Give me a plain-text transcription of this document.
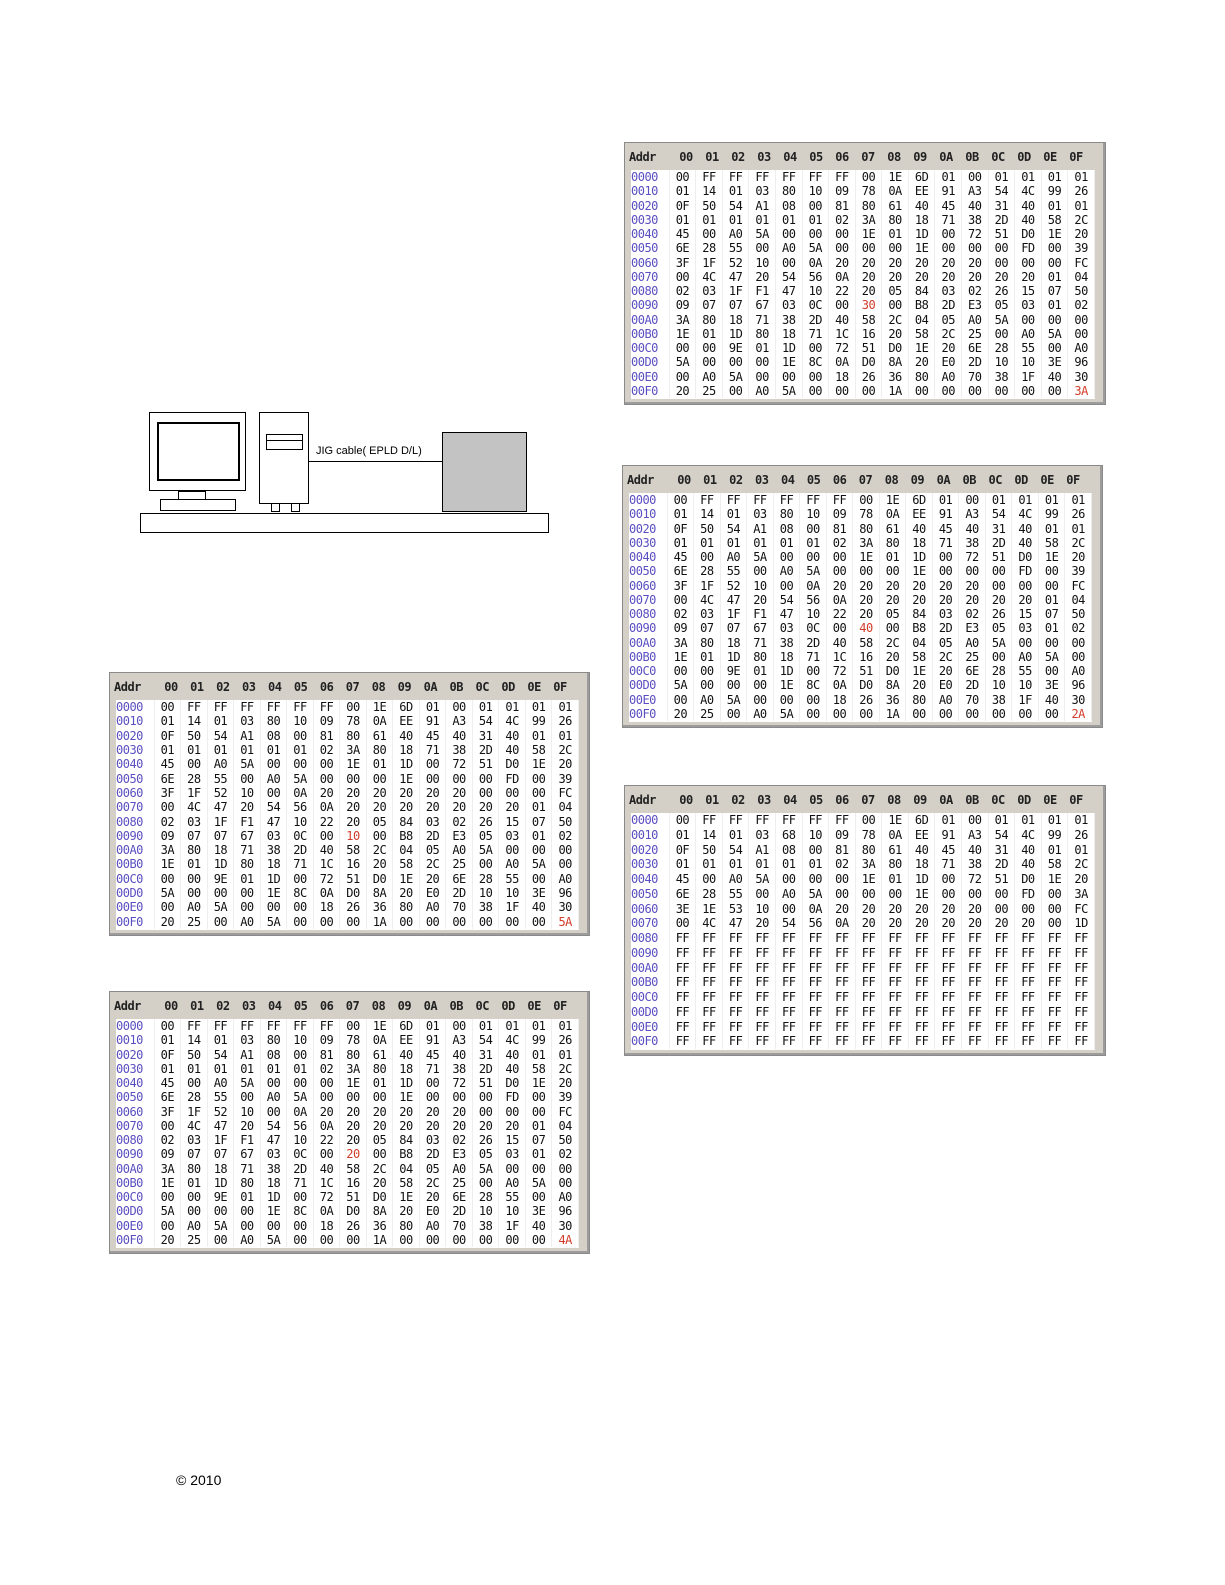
JIG cable( EPLD D/L)
Addr	00	01	02	03	04	05	06	07	08	09	0A	0B	0C	0D	0E	0F
0000	00	FF	FF	FF	FF	FF	FF	00	1E	6D	01	00	01	01	01	01
0010	01	14	01	03	80	10	09	78	0A	EE	91	A3	54	4C	99	26
0020	0F	50	54	A1	08	00	81	80	61	40	45	40	31	40	01	01
0030	01	01	01	01	01	01	02	3A	80	18	71	38	2D	40	58	2C
0040	45	00	A0	5A	00	00	00	1E	01	1D	00	72	51	D0	1E	20
0050	6E	28	55	00	A0	5A	00	00	00	1E	00	00	00	FD	00	39
0060	3F	1F	52	10	00	0A	20	20	20	20	20	20	00	00	00	FC
0070	00	4C	47	20	54	56	0A	20	20	20	20	20	20	20	01	04
0080	02	03	1F	F1	47	10	22	20	05	84	03	02	26	15	07	50
0090	09	07	07	67	03	0C	00	30	00	B8	2D	E3	05	03	01	02
00A0	3A	80	18	71	38	2D	40	58	2C	04	05	A0	5A	00	00	00
00B0	1E	01	1D	80	18	71	1C	16	20	58	2C	25	00	A0	5A	00
00C0	00	00	9E	01	1D	00	72	51	D0	1E	20	6E	28	55	00	A0
00D0	5A	00	00	00	1E	8C	0A	D0	8A	20	E0	2D	10	10	3E	96
00E0	00	A0	5A	00	00	00	18	26	36	80	A0	70	38	1F	40	30
00F0	20	25	00	A0	5A	00	00	00	1A	00	00	00	00	00	00	3A
Addr	00	01	02	03	04	05	06	07	08	09	0A	0B	0C	0D	0E	0F
0000	00	FF	FF	FF	FF	FF	FF	00	1E	6D	01	00	01	01	01	01
0010	01	14	01	03	80	10	09	78	0A	EE	91	A3	54	4C	99	26
0020	0F	50	54	A1	08	00	81	80	61	40	45	40	31	40	01	01
0030	01	01	01	01	01	01	02	3A	80	18	71	38	2D	40	58	2C
0040	45	00	A0	5A	00	00	00	1E	01	1D	00	72	51	D0	1E	20
0050	6E	28	55	00	A0	5A	00	00	00	1E	00	00	00	FD	00	39
0060	3F	1F	52	10	00	0A	20	20	20	20	20	20	00	00	00	FC
0070	00	4C	47	20	54	56	0A	20	20	20	20	20	20	20	01	04
0080	02	03	1F	F1	47	10	22	20	05	84	03	02	26	15	07	50
0090	09	07	07	67	03	0C	00	40	00	B8	2D	E3	05	03	01	02
00A0	3A	80	18	71	38	2D	40	58	2C	04	05	A0	5A	00	00	00
00B0	1E	01	1D	80	18	71	1C	16	20	58	2C	25	00	A0	5A	00
00C0	00	00	9E	01	1D	00	72	51	D0	1E	20	6E	28	55	00	A0
00D0	5A	00	00	00	1E	8C	0A	D0	8A	20	E0	2D	10	10	3E	96
00E0	00	A0	5A	00	00	00	18	26	36	80	A0	70	38	1F	40	30
00F0	20	25	00	A0	5A	00	00	00	1A	00	00	00	00	00	00	2A
Addr	00	01	02	03	04	05	06	07	08	09	0A	0B	0C	0D	0E	0F
0000	00	FF	FF	FF	FF	FF	FF	00	1E	6D	01	00	01	01	01	01
0010	01	14	01	03	68	10	09	78	0A	EE	91	A3	54	4C	99	26
0020	0F	50	54	A1	08	00	81	80	61	40	45	40	31	40	01	01
0030	01	01	01	01	01	01	02	3A	80	18	71	38	2D	40	58	2C
0040	45	00	A0	5A	00	00	00	1E	01	1D	00	72	51	D0	1E	20
0050	6E	28	55	00	A0	5A	00	00	00	1E	00	00	00	FD	00	3A
0060	3E	1E	53	10	00	0A	20	20	20	20	20	20	00	00	00	FC
0070	00	4C	47	20	54	56	0A	20	20	20	20	20	20	20	00	1D
0080	FF	FF	FF	FF	FF	FF	FF	FF	FF	FF	FF	FF	FF	FF	FF	FF
0090	FF	FF	FF	FF	FF	FF	FF	FF	FF	FF	FF	FF	FF	FF	FF	FF
00A0	FF	FF	FF	FF	FF	FF	FF	FF	FF	FF	FF	FF	FF	FF	FF	FF
00B0	FF	FF	FF	FF	FF	FF	FF	FF	FF	FF	FF	FF	FF	FF	FF	FF
00C0	FF	FF	FF	FF	FF	FF	FF	FF	FF	FF	FF	FF	FF	FF	FF	FF
00D0	FF	FF	FF	FF	FF	FF	FF	FF	FF	FF	FF	FF	FF	FF	FF	FF
00E0	FF	FF	FF	FF	FF	FF	FF	FF	FF	FF	FF	FF	FF	FF	FF	FF
00F0	FF	FF	FF	FF	FF	FF	FF	FF	FF	FF	FF	FF	FF	FF	FF	FF
Addr	00	01	02	03	04	05	06	07	08	09	0A	0B	0C	0D	0E	0F
0000	00	FF	FF	FF	FF	FF	FF	00	1E	6D	01	00	01	01	01	01
0010	01	14	01	03	80	10	09	78	0A	EE	91	A3	54	4C	99	26
0020	0F	50	54	A1	08	00	81	80	61	40	45	40	31	40	01	01
0030	01	01	01	01	01	01	02	3A	80	18	71	38	2D	40	58	2C
0040	45	00	A0	5A	00	00	00	1E	01	1D	00	72	51	D0	1E	20
0050	6E	28	55	00	A0	5A	00	00	00	1E	00	00	00	FD	00	39
0060	3F	1F	52	10	00	0A	20	20	20	20	20	20	00	00	00	FC
0070	00	4C	47	20	54	56	0A	20	20	20	20	20	20	20	01	04
0080	02	03	1F	F1	47	10	22	20	05	84	03	02	26	15	07	50
0090	09	07	07	67	03	0C	00	10	00	B8	2D	E3	05	03	01	02
00A0	3A	80	18	71	38	2D	40	58	2C	04	05	A0	5A	00	00	00
00B0	1E	01	1D	80	18	71	1C	16	20	58	2C	25	00	A0	5A	00
00C0	00	00	9E	01	1D	00	72	51	D0	1E	20	6E	28	55	00	A0
00D0	5A	00	00	00	1E	8C	0A	D0	8A	20	E0	2D	10	10	3E	96
00E0	00	A0	5A	00	00	00	18	26	36	80	A0	70	38	1F	40	30
00F0	20	25	00	A0	5A	00	00	00	1A	00	00	00	00	00	00	5A
Addr	00	01	02	03	04	05	06	07	08	09	0A	0B	0C	0D	0E	0F
0000	00	FF	FF	FF	FF	FF	FF	00	1E	6D	01	00	01	01	01	01
0010	01	14	01	03	80	10	09	78	0A	EE	91	A3	54	4C	99	26
0020	0F	50	54	A1	08	00	81	80	61	40	45	40	31	40	01	01
0030	01	01	01	01	01	01	02	3A	80	18	71	38	2D	40	58	2C
0040	45	00	A0	5A	00	00	00	1E	01	1D	00	72	51	D0	1E	20
0050	6E	28	55	00	A0	5A	00	00	00	1E	00	00	00	FD	00	39
0060	3F	1F	52	10	00	0A	20	20	20	20	20	20	00	00	00	FC
0070	00	4C	47	20	54	56	0A	20	20	20	20	20	20	20	01	04
0080	02	03	1F	F1	47	10	22	20	05	84	03	02	26	15	07	50
0090	09	07	07	67	03	0C	00	20	00	B8	2D	E3	05	03	01	02
00A0	3A	80	18	71	38	2D	40	58	2C	04	05	A0	5A	00	00	00
00B0	1E	01	1D	80	18	71	1C	16	20	58	2C	25	00	A0	5A	00
00C0	00	00	9E	01	1D	00	72	51	D0	1E	20	6E	28	55	00	A0
00D0	5A	00	00	00	1E	8C	0A	D0	8A	20	E0	2D	10	10	3E	96
00E0	00	A0	5A	00	00	00	18	26	36	80	A0	70	38	1F	40	30
00F0	20	25	00	A0	5A	00	00	00	1A	00	00	00	00	00	00	4A
© 2010
